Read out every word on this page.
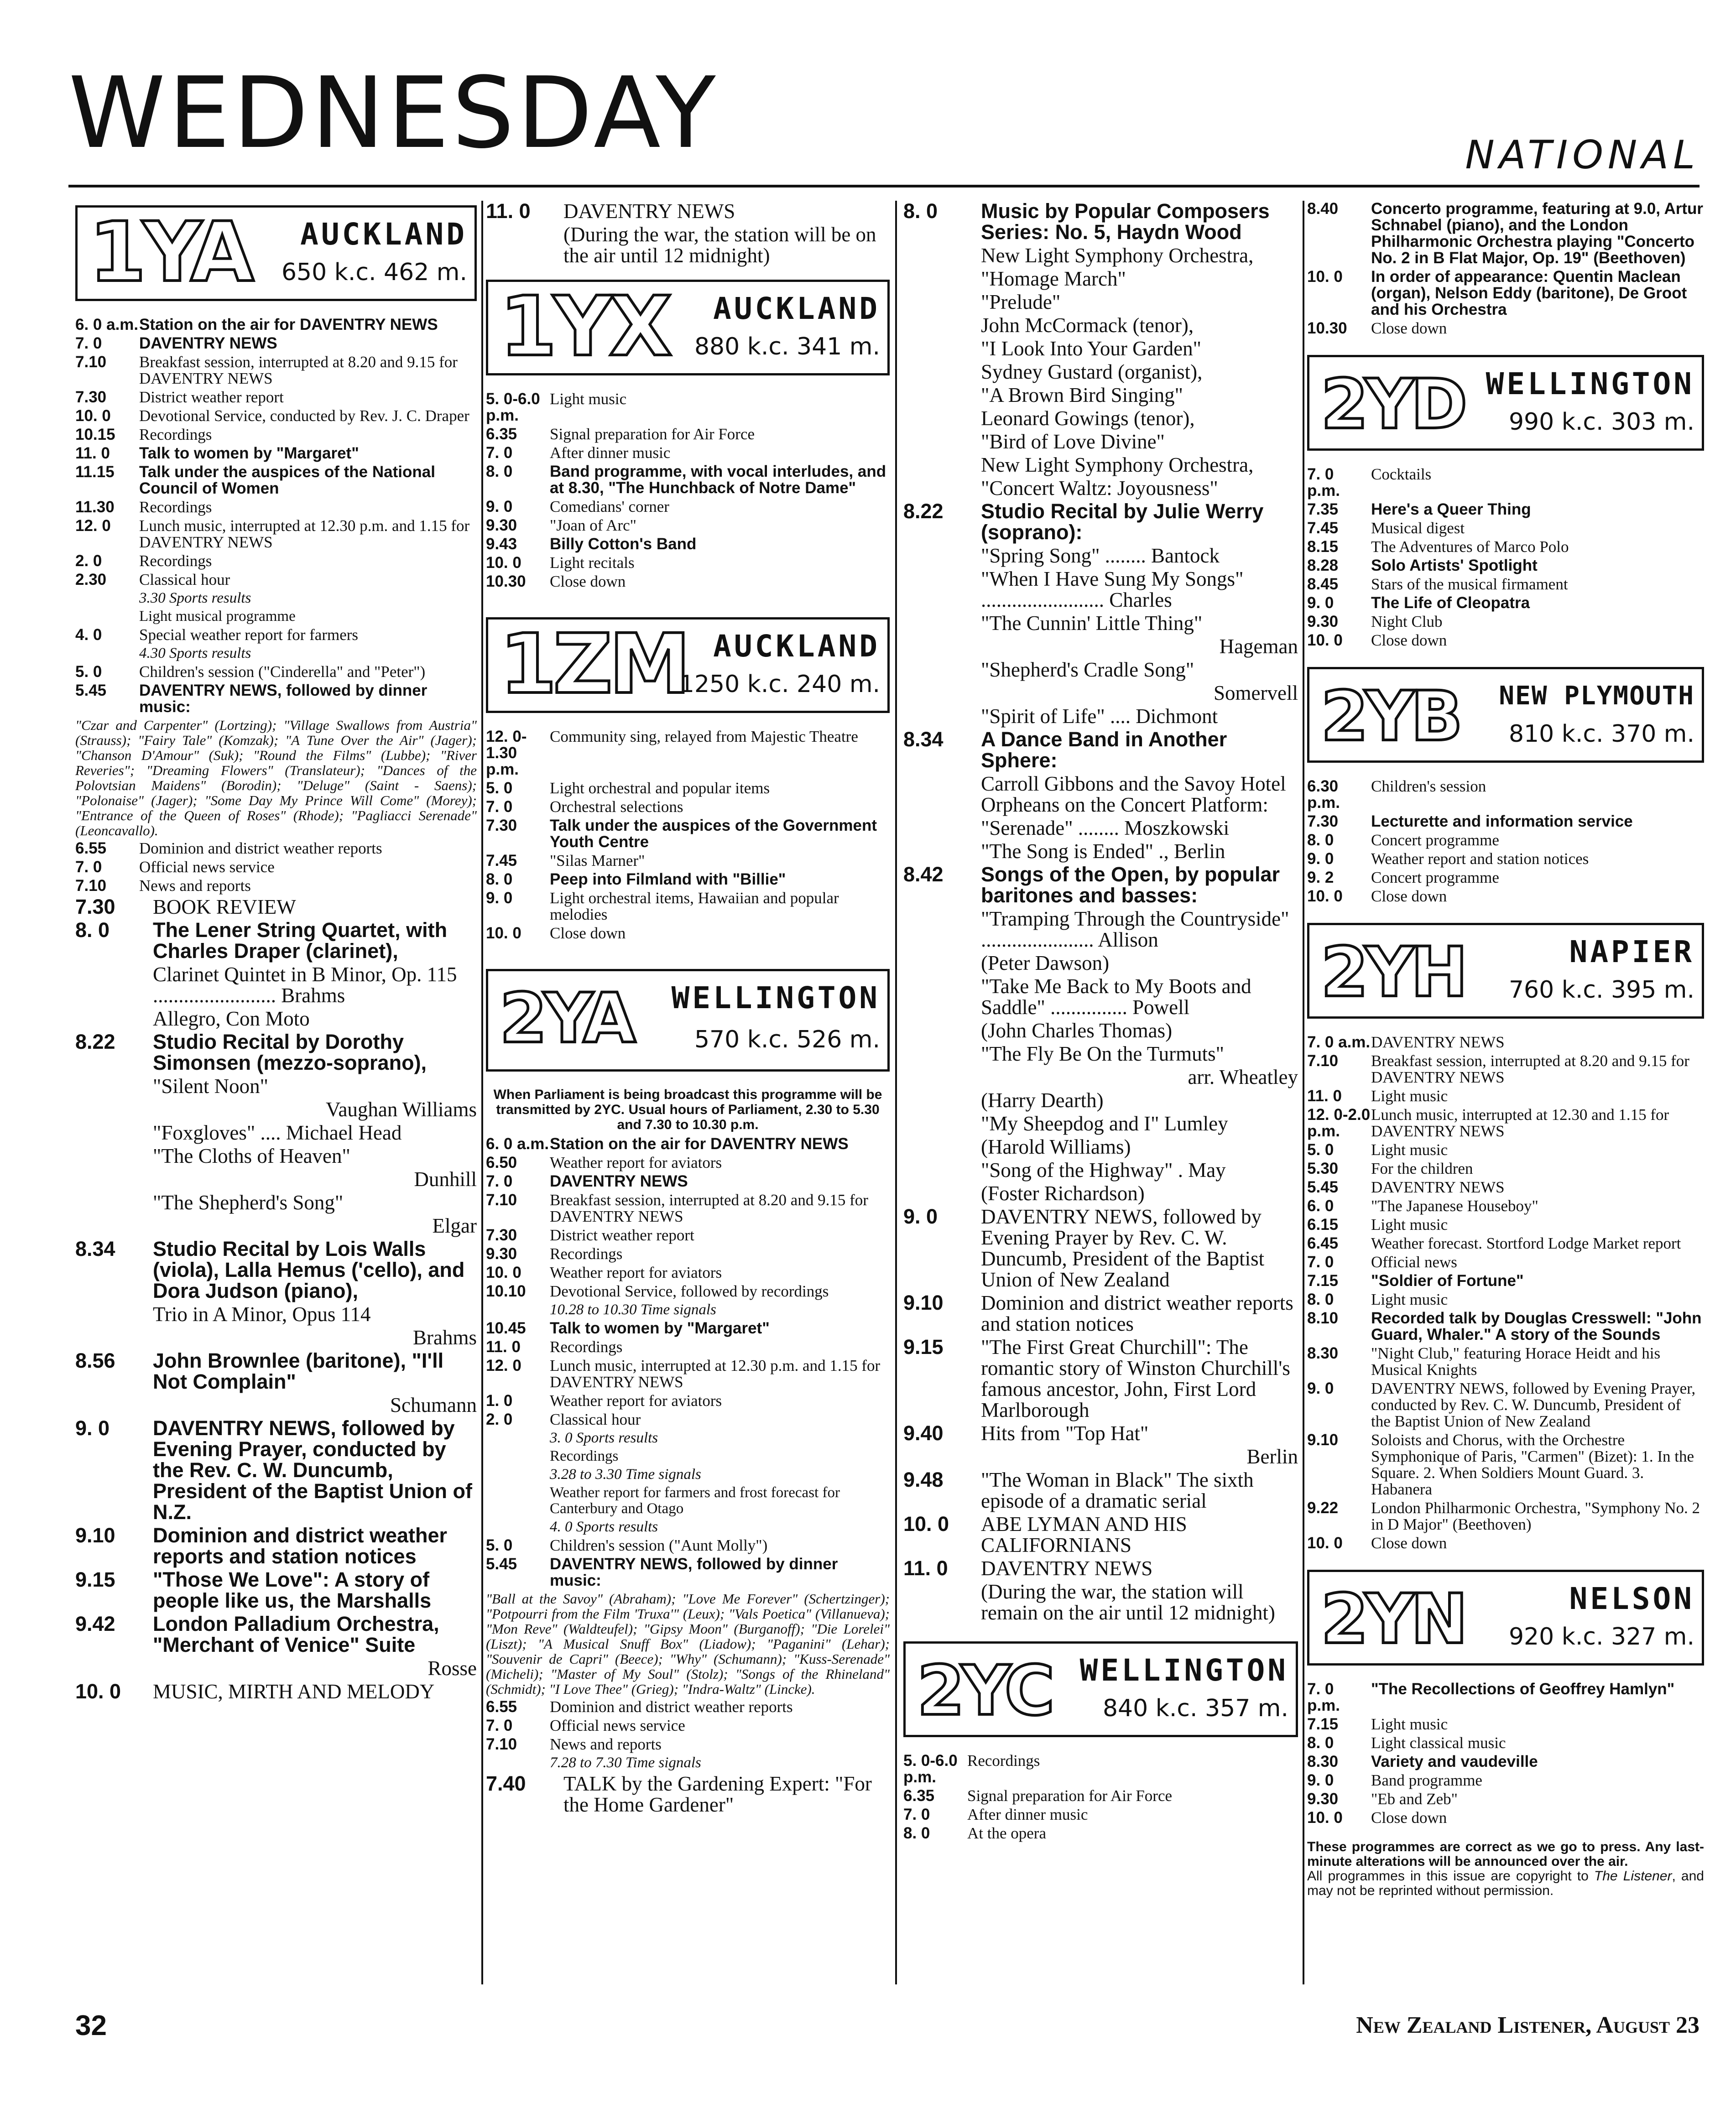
WEDNESDAY	NATIONAL
1YA AUCKLAND
650 k.c. 462 m.
6. 0 a.m. Station on the air for DAVENTRY NEWS
7. 0	DAVENTRY NEWS
7.10	Breakfast session, interrupted at 8.20 and 9.15 for DAVENTRY NEWS
7.30	District weather report
10. 0	Devotional Service, conducted by Rev. J. C. Draper
10.15	Recordings
11. 0	Talk to women by "Margaret"
11.15	Talk under the auspices of the National Council of Women
11.30	Recordings
12. 0	Lunch music, interrupted at 12.30 p.m. and 1.15 for DAVENTRY NEWS
2. 0	Recordings
2.30	Classical hour
3.30 Sports results
Light musical programme
4. 0	Special weather report for farmers
4.30 Sports results
5. 0	Children's session ("Cinderella" and "Peter")
5.45	DAVENTRY NEWS, followed by dinner music:
"Czar and Carpenter" (Lortzing); "Village Swallows from Austria" (Strauss); "Fairy Tale" (Komzak); "A Tune Over the Air" (Jager); "Chanson D'Amour" (Suk); "Round the Films" (Lubbe); "River Reveries"; "Dreaming Flowers" (Translateur); "Dances of the Polovtsian Maidens" (Borodin); "Deluge" (Saint - Saens); "Polonaise" (Jager); "Some Day My Prince Will Come" (Morey); "Entrance of the Queen of Roses" (Rhode); "Pagliacci Serenade" (Leoncavallo).
6.55	Dominion and district weather reports
7. 0	Official news service
7.10	News and reports
7.30	BOOK REVIEW
8. 0	The Lener String Quartet, with Charles Draper (clarinet),
Clarinet Quintet in B Minor, Op. 115 ........................ Brahms
Allegro, Con Moto
8.22	Studio Recital by Dorothy Simonsen (mezzo-soprano),
"Silent Noon"
Vaughan Williams
"Foxgloves" .... Michael Head
"The Cloths of Heaven"
Dunhill
"The Shepherd's Song"
Elgar
8.34	Studio Recital by Lois Walls (viola), Lalla Hemus ('cello), and Dora Judson (piano),
Trio in A Minor, Opus 114
Brahms
8.56	John Brownlee (baritone), "I'll Not Complain"
Schumann
9. 0	DAVENTRY NEWS, followed by Evening Prayer, conducted by the Rev. C. W. Duncumb, President of the Baptist Union of N.Z.
9.10	Dominion and district weather reports and station notices
9.15	"Those We Love": A story of people like us, the Marshalls
9.42	London Palladium Orchestra, "Merchant of Venice" Suite
Rosse
10. 0	MUSIC, MIRTH AND MELODY
11. 0	DAVENTRY NEWS
(During the war, the station will be on the air until 12 midnight)
1YX AUCKLAND
880 k.c. 341 m.
5. 0-6.0 p.m.
Light music
6.35	Signal preparation for Air Force
7. 0	After dinner music
8. 0	Band programme, with vocal interludes, and at 8.30, "The Hunchback of Notre Dame"
9. 0	Comedians' corner
9.30	"Joan of Arc"
9.43	Billy Cotton's Band
10. 0	Light recitals
10.30	Close down
1ZM AUCKLAND
1250 k.c. 240 m.
12. 0-1.30 p.m.
Community sing, relayed from Majestic Theatre
5. 0	Light orchestral and popular items
7. 0	Orchestral selections
7.30	Talk under the auspices of the Government Youth Centre
7.45	"Silas Marner"
8. 0	Peep into Filmland with "Billie"
9. 0	Light orchestral items, Hawaiian and popular melodies
10. 0	Close down
2YA WELLINGTON
570 k.c. 526 m.
When Parliament is being broadcast this programme will be transmitted by 2YC. Usual hours of Parliament, 2.30 to 5.30 and 7.30 to 10.30 p.m.
6. 0 a.m. Station on the air for DAVENTRY NEWS
6.50	Weather report for aviators
7. 0	DAVENTRY NEWS
7.10	Breakfast session, interrupted at 8.20 and 9.15 for DAVENTRY NEWS
7.30	District weather report
9.30	Recordings
10. 0	Weather report for aviators
10.10	Devotional Service, followed by recordings
10.28 to 10.30 Time signals
10.45	Talk to women by "Margaret"
11. 0	Recordings
12. 0	Lunch music, interrupted at 12.30 p.m. and 1.15 for DAVENTRY NEWS
1. 0	Weather report for aviators
2. 0	Classical hour
3. 0 Sports results
Recordings
3.28 to 3.30 Time signals
Weather report for farmers and frost forecast for Canterbury and Otago
4. 0 Sports results
5. 0	Children's session ("Aunt Molly")
5.45	DAVENTRY NEWS, followed by dinner music:
"Ball at the Savoy" (Abraham); "Love Me Forever" (Schertzinger); "Potpourri from the Film 'Truxa'" (Leux); "Vals Poetica" (Villanueva); "Mon Reve" (Waldteufel); "Gipsy Moon" (Burganoff); "Die Lorelei" (Liszt); "A Musical Snuff Box" (Liadow); "Paganini" (Lehar); "Souvenir de Capri" (Beece); "Why" (Schumann); "Kuss-Serenade" (Micheli); "Master of My Soul" (Stolz); "Songs of the Rhineland" (Schmidt); "I Love Thee" (Grieg); "Indra-Waltz" (Lincke).
6.55	Dominion and district weather reports
7. 0	Official news service
7.10	News and reports
7.28 to 7.30 Time signals
7.40	TALK by the Gardening Expert: "For the Home Gardener"
8. 0	Music by Popular Composers Series: No. 5, Haydn Wood
New Light Symphony Orchestra,
"Homage March"
"Prelude"
John McCormack (tenor),
"I Look Into Your Garden"
Sydney Gustard (organist),
"A Brown Bird Singing"
Leonard Gowings (tenor),
"Bird of Love Divine"
New Light Symphony Orchestra,
"Concert Waltz: Joyousness"
8.22	Studio Recital by Julie Werry (soprano):
"Spring Song" ........ Bantock
"When I Have Sung My Songs" ........................ Charles
"The Cunnin' Little Thing"
Hageman
"Shepherd's Cradle Song"
Somervell
"Spirit of Life" .... Dichmont
8.34	A Dance Band in Another Sphere:
Carroll Gibbons and the Savoy Hotel Orpheans on the Concert Platform:
"Serenade" ........ Moszkowski
"The Song is Ended" ., Berlin
8.42	Songs of the Open, by popular baritones and basses:
"Tramping Through the Countryside" ...................... Allison
(Peter Dawson)
"Take Me Back to My Boots and Saddle" ............... Powell
(John Charles Thomas)
"The Fly Be On the Turmuts"
arr. Wheatley
(Harry Dearth)
"My Sheepdog and I" Lumley
(Harold Williams)
"Song of the Highway" . May
(Foster Richardson)
9. 0	DAVENTRY NEWS, followed by Evening Prayer by Rev. C. W. Duncumb, President of the Baptist Union of New Zealand
9.10	Dominion and district weather reports and station notices
9.15	"The First Great Churchill": The romantic story of Winston Churchill's famous ancestor, John, First Lord Marlborough
9.40	Hits from "Top Hat"
Berlin
9.48	"The Woman in Black" The sixth episode of a dramatic serial
10. 0	ABE LYMAN AND HIS CALIFORNIANS
11. 0	DAVENTRY NEWS
(During the war, the station will remain on the air until 12 midnight)
2YC WELLINGTON
840 k.c. 357 m.
5. 0-6.0 p.m.
Recordings
6.35	Signal preparation for Air Force
7. 0	After dinner music
8. 0	At the opera
8.40	Concerto programme, featuring at 9.0, Artur Schnabel (piano), and the London Philharmonic Orchestra playing "Concerto No. 2 in B Flat Major, Op. 19" (Beethoven)
10. 0	In order of appearance: Quentin Maclean (organ), Nelson Eddy (baritone), De Groot and his Orchestra
10.30	Close down
2YD WELLINGTON
990 k.c. 303 m.
7. 0 p.m.
Cocktails
7.35	Here's a Queer Thing
7.45	Musical digest
8.15	The Adventures of Marco Polo
8.28	Solo Artists' Spotlight
8.45	Stars of the musical firmament
9. 0	The Life of Cleopatra
9.30	Night Club
10. 0	Close down
2YB NEW PLYMOUTH
810 k.c. 370 m.
6.30 p.m.
Children's session
7.30	Lecturette and information service
8. 0	Concert programme
9. 0	Weather report and station notices
9. 2	Concert programme
10. 0	Close down
2YH	NAPIER
760 k.c. 395 m.
7. 0 a.m. DAVENTRY NEWS
7.10	Breakfast session, interrupted at 8.20 and 9.15 for DAVENTRY NEWS
11. 0	Light music
12. 0-2.0 p.m.
Lunch music, interrupted at 12.30 and 1.15 for DAVENTRY NEWS
5. 0	Light music
5.30	For the children
5.45	DAVENTRY NEWS
6. 0	"The Japanese Houseboy"
6.15	Light music
6.45	Weather forecast. Stortford Lodge Market report
7. 0	Official news
7.15	"Soldier of Fortune"
8. 0	Light music
8.10	Recorded talk by Douglas Cresswell: "John Guard, Whaler." A story of the Sounds
8.30	"Night Club," featuring Horace Heidt and his Musical Knights
9. 0	DAVENTRY NEWS, followed by Evening Prayer, conducted by Rev. C. W. Duncumb, President of the Baptist Union of New Zealand
9.10	Soloists and Chorus, with the Orchestre Symphonique of Paris, "Carmen" (Bizet): 1. In the Square. 2. When Soldiers Mount Guard. 3. Habanera
9.22	London Philharmonic Orchestra, "Symphony No. 2 in D Major" (Beethoven)
10. 0	Close down
2YN	NELSON
920 k.c. 327 m.
7. 0 p.m.
"The Recollections of Geoffrey Hamlyn"
7.15	Light music
8. 0	Light classical music
8.30	Variety and vaudeville
9. 0	Band programme
9.30	"Eb and Zeb"
10. 0	Close down
These programmes are correct as we go to press. Any last-minute alterations will be announced over the air.
All programmes in this issue are copyright to The Listener, and may not be reprinted without permission.
32	New Zealand Listener, August 23
